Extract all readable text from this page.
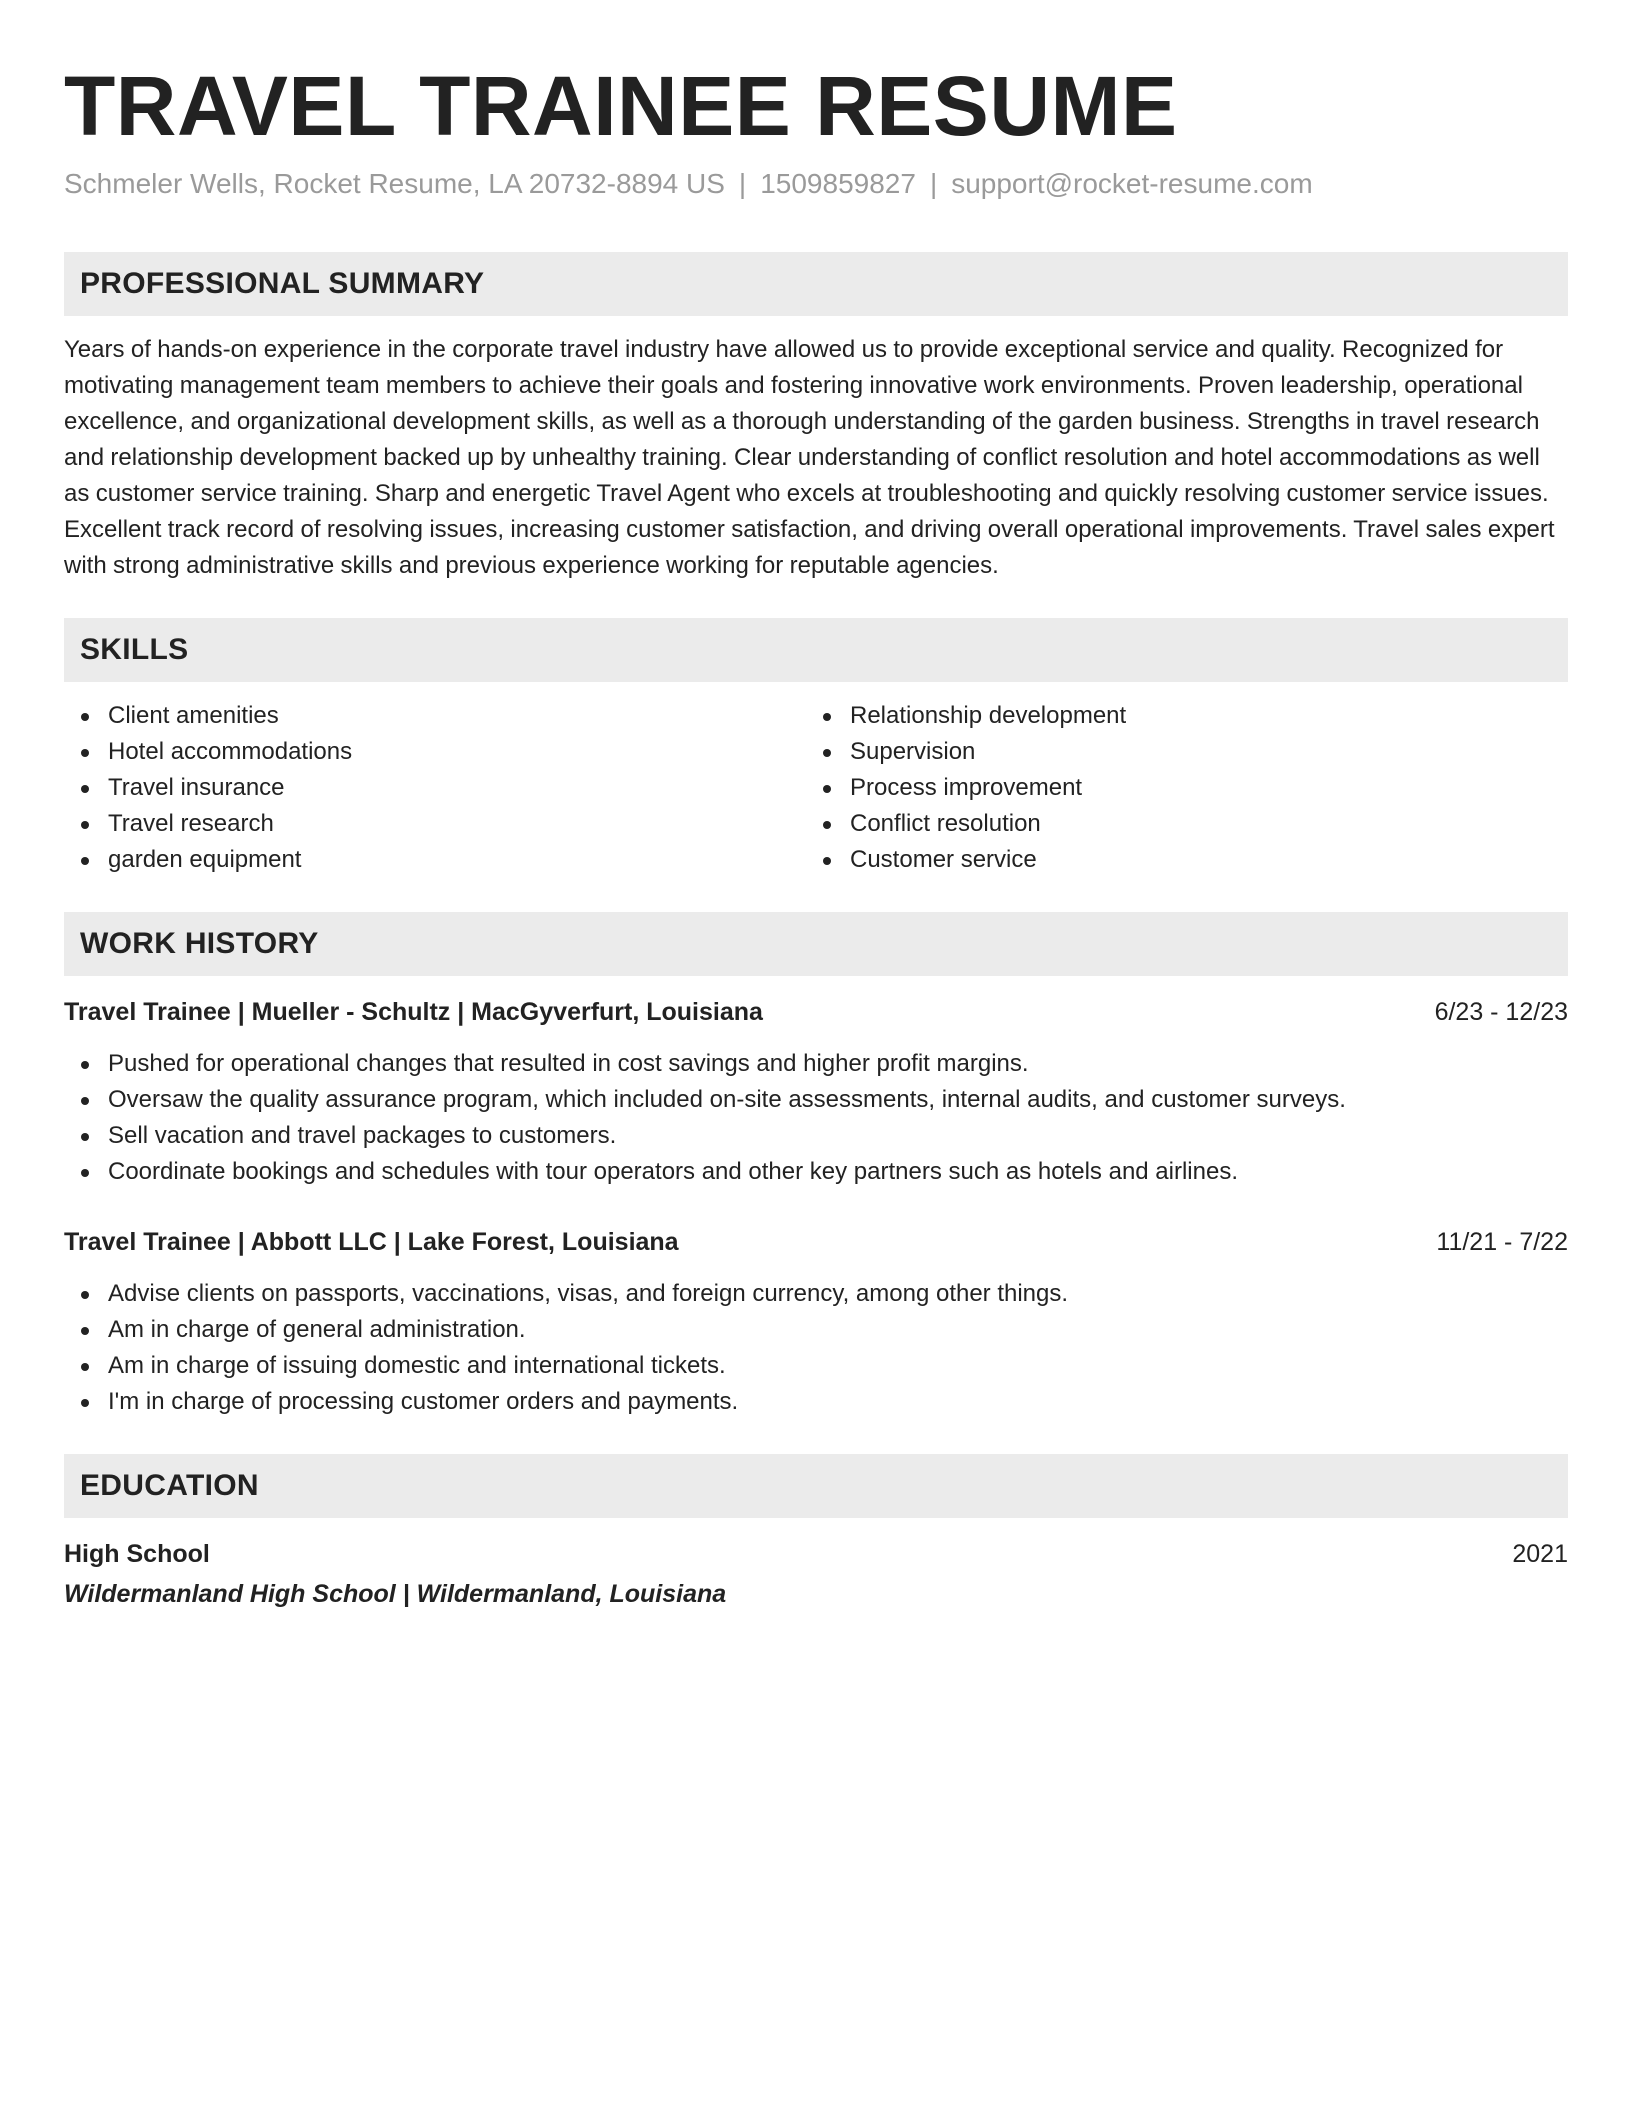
TRAVEL TRAINEE RESUME
Schmeler Wells, Rocket Resume, LA 20732-8894 US | 1509859827 | support@rocket-resume.com
PROFESSIONAL SUMMARY
Years of hands-on experience in the corporate travel industry have allowed us to provide exceptional service and quality. Recognized for motivating management team members to achieve their goals and fostering innovative work environments. Proven leadership, operational excellence, and organizational development skills, as well as a thorough understanding of the garden business. Strengths in travel research and relationship development backed up by unhealthy training. Clear understanding of conflict resolution and hotel accommodations as well as customer service training. Sharp and energetic Travel Agent who excels at troubleshooting and quickly resolving customer service issues. Excellent track record of resolving issues, increasing customer satisfaction, and driving overall operational improvements. Travel sales expert with strong administrative skills and previous experience working for reputable agencies.
SKILLS
Client amenities
Hotel accommodations
Travel insurance
Travel research
garden equipment
Relationship development
Supervision
Process improvement
Conflict resolution
Customer service
WORK HISTORY
Travel Trainee | Mueller - Schultz | MacGyverfurt, Louisiana	6/23 - 12/23
Pushed for operational changes that resulted in cost savings and higher profit margins.
Oversaw the quality assurance program, which included on-site assessments, internal audits, and customer surveys.
Sell vacation and travel packages to customers.
Coordinate bookings and schedules with tour operators and other key partners such as hotels and airlines.
Travel Trainee | Abbott LLC | Lake Forest, Louisiana	11/21 - 7/22
Advise clients on passports, vaccinations, visas, and foreign currency, among other things.
Am in charge of general administration.
Am in charge of issuing domestic and international tickets.
I'm in charge of processing customer orders and payments.
EDUCATION
High School	2021
Wildermanland High School | Wildermanland, Louisiana
